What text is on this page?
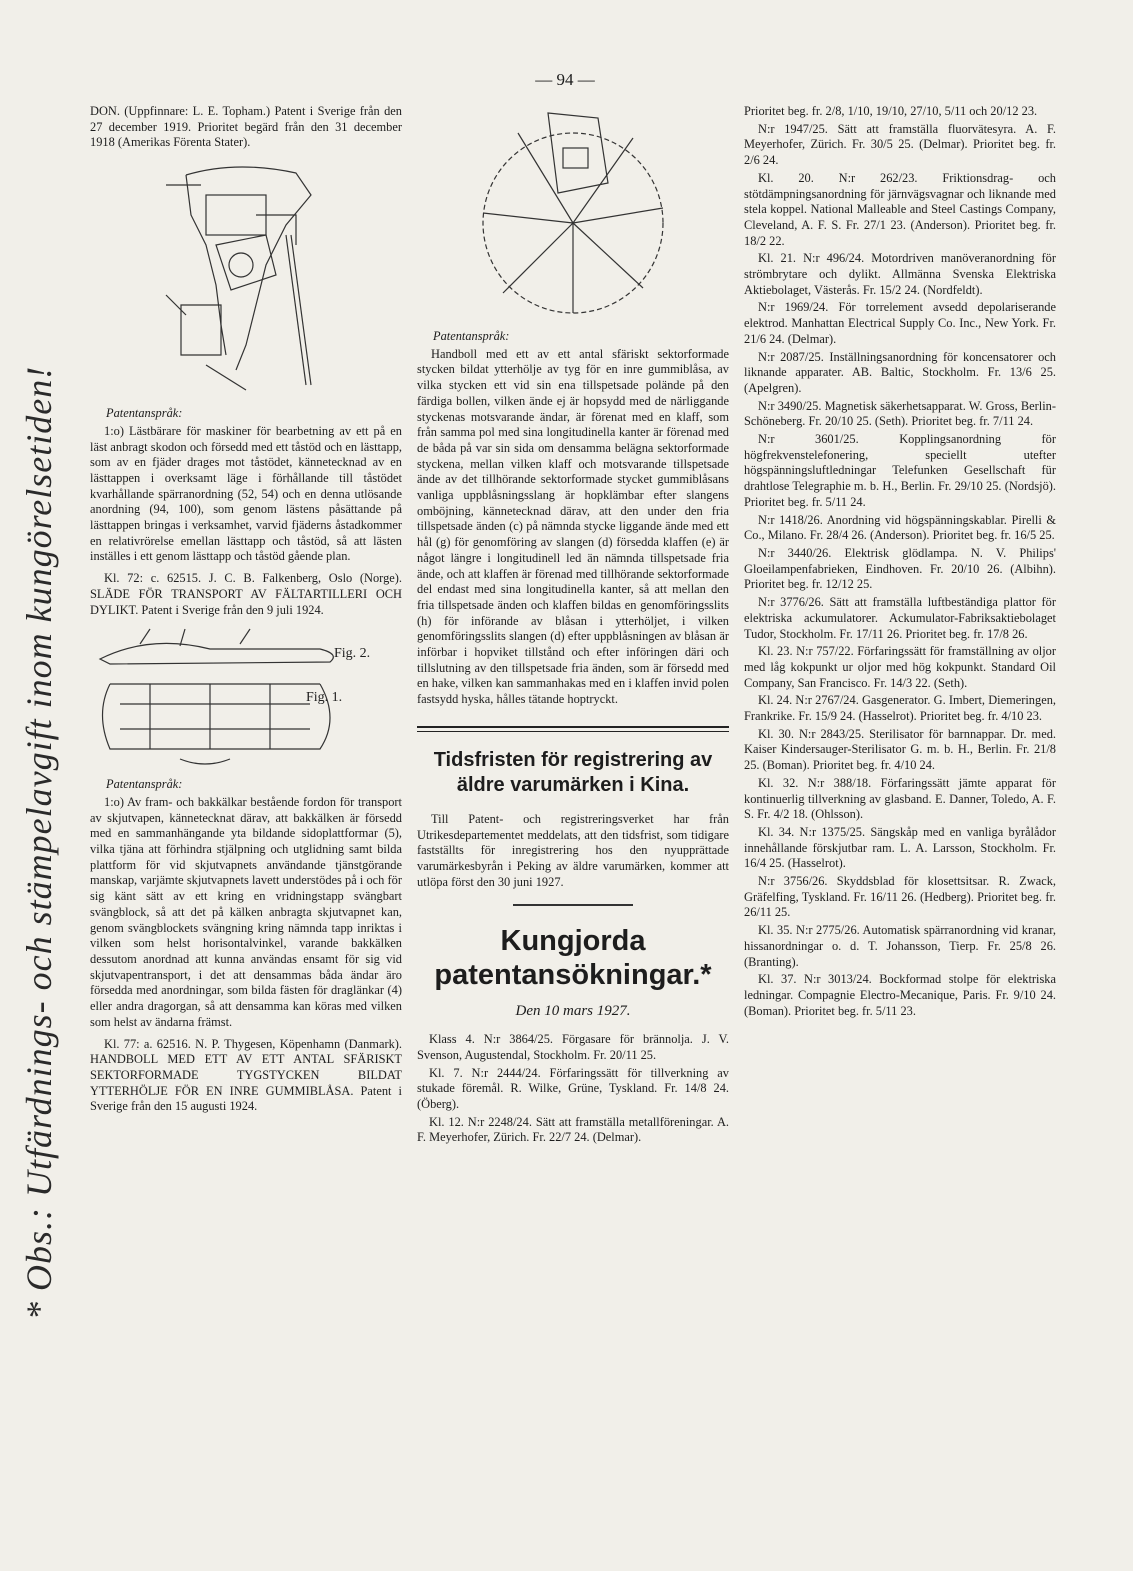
— 94 —
* Obs.: Utfärdnings- och stämpelavgift inom kungörelsetiden!

DON. (Uppfinnare: L. E. Topham.) Patent i Sverige från den 27 december 1919. Prioritet begärd från den 31 december 1918 (Amerikas Förenta Stater).

Patentanspråk:

1:o) Lästbärare för maskiner för bearbetning av ett på en läst anbragt skodon och försedd med ett tåstöd och en lästtapp, som av en fjäder drages mot tåstödet, kännetecknad av en lästtappen i overksamt läge i förhållande till tåstödet kvarhållande spärranordning (52, 54) och en denna utlösande anordning (94, 100), som genom lästens påsättande på lästtappen bringas i verksamhet, varvid fjäderns åstadkommer en relativrörelse emellan lästtapp och tåstöd, så att lästen inställes i ett genom lästtapp och tåstöd gående plan.

Kl. 72: c. 62515. J. C. B. Falkenberg, Oslo (Norge). SLÄDE FÖR TRANSPORT AV FÄLTARTILLERI OCH DYLIKT. Patent i Sverige från den 9 juli 1924.

Fig. 2.
Fig. 1.

Patentanspråk:

1:o) Av fram- och bakkälkar bestående fordon för transport av skjutvapen, kännetecknat därav, att bakkälken är försedd med en sammanhängande yta bildande sidoplattformar (5), vilka tjäna att förhindra stjälpning och utglidning samt bilda plattform för vid skjutvapnets användande tjänstgörande manskap, varjämte skjutvapnets lavett understödes på i och för sig känt sätt av ett kring en vridningstapp svängbart svängblock, så att det på kälken anbragta skjutvapnet kan, genom svängblockets svängning kring nämnda tapp inriktas i vilken som helst horisontalvinkel, varande bakkälken dessutom anordnad att kunna användas ensamt för sig vid skjutvapentransport, i det att densammas båda ändar äro försedda med anordningar, som bilda fästen för draglänkar (4) eller andra dragorgan, så att densamma kan köras med vilken som helst av ändarna främst.

Kl. 77: a. 62516. N. P. Thygesen, Köpenhamn (Danmark). HANDBOLL MED ETT AV ETT ANTAL SFÄRISKT SEKTORFORMADE TYGSTYCKEN BILDAT YTTERHÖLJE FÖR EN INRE GUMMIBLÅSA. Patent i Sverige från den 15 augusti 1924.

Patentanspråk:

Handboll med ett av ett antal sfäriskt sektorformade stycken bildat ytterhölje av tyg för en inre gummiblåsa, av vilka stycken ett vid sin ena tillspetsade poländе på den färdiga bollen, vilken ände ej är hopsydd med de närliggande styckenas motsvarande ändar, är förenat med en klaff, som från samma pol med sina longitudinella kanter är förenad med de båda på var sin sida om densamma belägna sektorformade styckena, mellan vilken klaff och motsvarande tillspetsade ände av det tillhörande sektorformade stycket gummiblåsans vanliga uppblåsningsslang är hopklämbar efter slangens omböjning, kännetecknad därav, att den under den fria tillspetsade änden (c) på nämnda stycke liggande ände med ett hål (g) för genomföring av slangen (d) försedda klaffen (e) är något längre i longitudinell led än nämnda tillspetsade fria ände, och att klaffen är förenad med tillhörande sektorformade del endast med sina longitudinella kanter, så att mellan den fria tillspetsade änden och klaffen bildas en genomföringsslits (h) för införande av blåsan i ytterhöljet, i vilken genomföringsslits slangen (d) efter uppblåsningen av blåsan är införbar i hopviket tillstånd och efter införingen däri och tillslutning av den tillspetsade fria änden, som är försedd med en hake, vilken kan sammanhakas med en i klaffen invid polen fastsydd hyska, hålles tätande hoptryckt.

Tidsfristen för registrering av äldre varumärken i Kina.

Till Patent- och registreringsverket har från Utrikesdepartementet meddelats, att den tidsfrist, som tidigare fastställts för inregistrering hos den nyupprättade varumärkesbyrån i Peking av äldre varumärken, kommer att utlöpa först den 30 juni 1927.

Kungjorda patentansökningar.*
Den 10 mars 1927.

Klass 4. N:r 3864/25. Förgasare för brännolja. J. V. Svenson, Augustendal, Stockholm. Fr. 20/11 25.

Kl. 7. N:r 2444/24. Förfaringssätt för tillverkning av stukade föremål. R. Wilke, Grüne, Tyskland. Fr. 14/8 24. (Öberg).

Kl. 12. N:r 2248/24. Sätt att framställa metallföreningar. A. F. Meyerhofer, Zürich. Fr. 22/7 24. (Delmar).

Prioritet beg. fr. 2/8, 1/10, 19/10, 27/10, 5/11 och 20/12 23.

N:r 1947/25. Sätt att framställa fluorvätesyra. A. F. Meyerhofer, Zürich. Fr. 30/5 25. (Delmar). Prioritet beg. fr. 2/6 24.

Kl. 20. N:r 262/23. Friktionsdrag- och stötdämpningsanordning för järnvägsvagnar och liknande med stela koppel. National Malleable and Steel Castings Company, Cleveland, A. F. S. Fr. 27/1 23. (Anderson). Prioritet beg. fr. 18/2 22.

Kl. 21. N:r 496/24. Motordriven manöveranordning för strömbrytare och dylikt. Allmänna Svenska Elektriska Aktiebolaget, Västerås. Fr. 15/2 24. (Nordfeldt).

N:r 1969/24. För torrelement avsedd depolariserande elektrod. Manhattan Electrical Supply Co. Inc., New York. Fr. 21/6 24. (Delmar).

N:r 2087/25. Inställningsanordning för koncensatorer och liknande apparater. AB. Baltic, Stockholm. Fr. 13/6 25. (Apelgren).

N:r 3490/25. Magnetisk säkerhetsapparat. W. Gross, Berlin-Schöneberg. Fr. 20/10 25. (Seth). Prioritet beg. fr. 7/11 24.

N:r 3601/25. Kopplingsanordning för högfrekvenstelefonering, speciellt utefter högspänningsluftledningar Telefunken Gesellschaft für drahtlose Telegraphie m. b. H., Berlin. Fr. 29/10 25. (Nordsjö). Prioritet beg. fr. 5/11 24.

N:r 1418/26. Anordning vid högspänningskablar. Pirelli & Co., Milano. Fr. 28/4 26. (Anderson). Prioritet beg. fr. 16/5 25.

N:r 3440/26. Elektrisk glödlampa. N. V. Philips' Gloeilampenfabrieken, Eindhoven. Fr. 20/10 26. (Albihn). Prioritet beg. fr. 12/12 25.

N:r 3776/26. Sätt att framställa luftbeständiga plattor för elektriska ackumulatorer. Ackumulator-Fabriksaktiebolaget Tudor, Stockholm. Fr. 17/11 26. Prioritet beg. fr. 17/8 26.

Kl. 23. N:r 757/22. Förfaringssätt för framställning av oljor med låg kokpunkt ur oljor med hög kokpunkt. Standard Oil Company, San Francisco. Fr. 14/3 22. (Seth).

Kl. 24. N:r 2767/24. Gasgenerator. G. Imbert, Diemeringen, Frankrike. Fr. 15/9 24. (Hasselrot). Prioritet beg. fr. 4/10 23.

Kl. 30. N:r 2843/25. Sterilisator för barnnappar. Dr. med. Kaiser Kindersauger-Sterilisator G. m. b. H., Berlin. Fr. 21/8 25. (Boman). Prioritet beg. fr. 4/10 24.

Kl. 32. N:r 388/18. Förfaringssätt jämte apparat för kontinuerlig tillverkning av glasband. E. Danner, Toledo, A. F. S. Fr. 4/2 18. (Ohlsson).

Kl. 34. N:r 1375/25. Sängskåp med en vanliga byrålådor innehållande förskjutbar ram. L. A. Larsson, Stockholm. Fr. 16/4 25. (Hasselrot).

N:r 3756/26. Skyddsblad för klosettsitsar. R. Zwack, Gräfelfing, Tyskland. Fr. 16/11 26. (Hedberg). Prioritet beg. fr. 26/11 25.

Kl. 35. N:r 2775/26. Automatisk spärranordning vid kranar, hissanordningar o. d. T. Johansson, Tierp. Fr. 25/8 26. (Branting).

Kl. 37. N:r 3013/24. Bockformad stolpe för elektriska ledningar. Compagnie Electro-Mecanique, Paris. Fr. 9/10 24. (Boman). Prioritet beg. fr. 5/11 23.
